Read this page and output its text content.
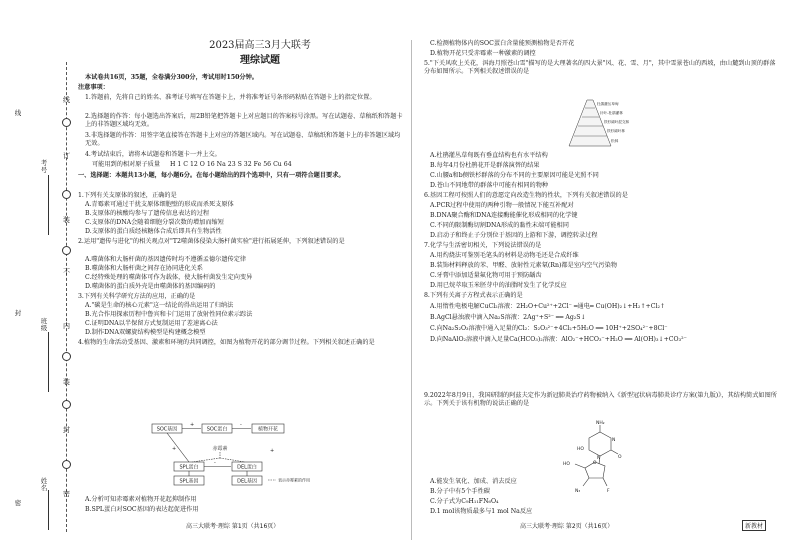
线
订
装
不
内
装
封
密
考号
班级
姓名
线
封
密
2023届高三3月大联考
理综试题
本试卷共16页，35题，全卷满分300分，考试用时150分钟。
注意事项：
1.答题前，先将自己的姓名、准考证号填写在答题卡上，并将准考证号条形码粘贴在答题卡上的指定位置。
2.选择题的作答：每小题选出答案后，用2B铅笔把答题卡上对应题目的答案标号涂黑。写在试题卷、草稿纸和答题卡上的非答题区域均无效。
3.非选择题的作答：用签字笔直接答在答题卡上对应的答题区域内。写在试题卷、草稿纸和答题卡上的非答题区域均无效。
4.考试结束后，请将本试题卷和答题卡一并上交。
可能用到的相对原子质量 H 1 C 12 O 16 Na 23 S 32 Fe 56 Cu 64
一、选择题：本题共13小题，每小题6分。在每小题给出的四个选项中，只有一项符合题目要求。
1.下列有关支原体的叙述，正确的是
A.青霉素可通过干扰支原体细胞壁的形成而杀死支原体
B.支原体的核酸均参与了遗传信息表达的过程
C.支原体的DNA会随着细胞分裂次数的增加而缩短
D.支原体的蛋白质经核糖体合成后即具有生物活性
2.运用"遗传与进化"的相关观点对"T2噬菌体侵染大肠杆菌实验"进行拓展延伸，下列叙述错误的是
A.噬菌体和大肠杆菌的基因遗传时均不遵循孟德尔遗传定律
B.噬菌体和大肠杆菌之间存在协同进化关系
C.经特殊处理的噬菌体可作为载体，使大肠杆菌发生定向变异
D.噬菌体的蛋白质外壳是由噬菌体的基因编码的
3.下列有关科学研究方法的应用，正确的是
A."碳是生命的核心元素"这一结论的得出运用了归纳法
B.光合作用探索历程中鲁宾和卡门运用了放射性同位素示踪法
C.证明DNA以半保留方式复制运用了差速离心法
D.制作DNA双螺旋结构模型是构建概念模型
4.植物的生命活动受基因、激素和环境的共同调控，如图为植物开花的部分调节过程。下列相关叙述正确的是
SOC基因	SOC蛋白	植物开花
赤霉素
SPL蛋白	DEL蛋白
SPL基因	DEL基因
+	-
-
+	+
表示赤霉素的作用
A.分析可知赤霉素对植物开花起抑制作用
B.SPL蛋白对SOC基因的表达起促进作用
高三大联考·理综 第1页（共16页）
C.检测植物体内的SOC蛋白含量能预测植物是否开花
D.植物开花只受赤霉素一种激素的调控
5."下关风吹上关花，洱海月照苍山雪"描写的是大理著名的四大景"风、花、雪、月"，其中雪景苍山的西坡，由山麓到山顶的群落分布如图所示。下列相关叙述错误的是
杜鹃灌丛草甸
针叶-杜鹃灌林
铁杉阔叶混交林
铁杉阔叶林
松林
A.杜鹃灌丛草甸既有垂直结构也有水平结构
B.每年4月份杜鹃花开是群落演替的结果
C.山腰a和b侧铁杉群落的分布不同的主要原因可能是光照不同
D.苍山不同地带的群落中可能有相同的物种
6.基因工程可按照人们的意愿定向改造生物的性状，下列有关叙述错误的是
A.PCR过程中使用的两种引物一般情况下能互补配对
B.DNA聚合酶和DNA连接酶能催化形成相同的化学键
C.不同的限制酶切割DNA形成的黏性末端可能相同
D.启动子和终止子分别位于基因的上游和下游，调控转录过程
7.化学与生活密切相关，下列说法错误的是
A.用灼烧法可鉴别毛笔头的材料是动物毛还是合成纤维
B.装饰材料释放的苯、甲醛、放射性元素氡(Rn)都是室内空气污染物
C.牙膏中添加适量氟化物可用于预防龋齿
D.用已烷萃取玉米胚芽中的油脂时发生了化学反应
8.下列有关离子方程式表示正确的是
A.用惰性电极电解CuCl₂溶液：2H₂O+Cu²⁺+2Cl⁻ ═通电═ Cu(OH)₂↓+H₂↑+Cl₂↑
B.AgCl悬浊液中滴入Na₂S溶液：2Ag⁺+S²⁻ ══ Ag₂S↓
C.向Na₂S₂O₃溶液中通入足量的Cl₂：S₂O₃²⁻+4Cl₂+5H₂O ══ 10H⁺+2SO₄²⁻+8Cl⁻
D.向NaAlO₂溶液中滴入足量Ca(HCO₃)₂溶液：AlO₂⁻+HCO₃⁻+H₂O ══ Al(OH)₃↓+CO₃²⁻
9.2022年8月9日，我国研制的阿兹夫定作为新冠肺炎治疗药物被纳入《新型冠状病毒肺炎诊疗方案(第九版)》，其结构简式如图所示。下列关于该有机物的说法正确的是
NH₂
N
O
HO	O
N
N₃	F
HO
A.能发生氧化、加成、消去反应
B.分子中有5个手性碳
C.分子式为C₉H₁₁FN₆O₄
D.1 mol该物质最多与1 mol Na反应
高三大联考·理综 第2页（共16页）	新教材
